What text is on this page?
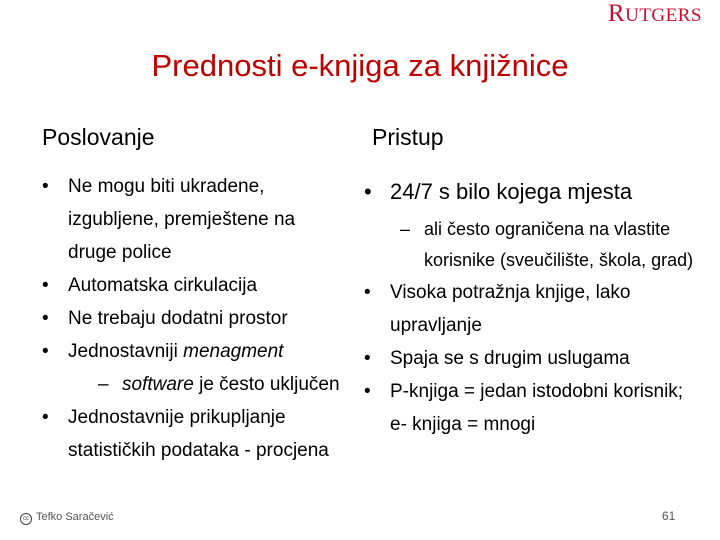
RUTGERS
Prednosti e-knjiga za knjižnice
Poslovanje	Pristup
• Ne mogu biti ukradene, izgubljene, premještene na druge police
• Automatska cirkulacija
• Ne trebaju dodatni prostor
• Jednostavniji menagment
– software je često uključen
• Jednostavnije prikupljanje statističkih podataka - procjena
• 24/7 s bilo kojega mjesta
– ali često ograničena na vlastite korisnike (sveučilište, škola, grad)
• Visoka potražnja knjige, lako upravljanje
• Spaja se s drugim uslugama
• P-knjiga = jedan istodobni korisnik; e- knjiga = mnogi
cc Tefko Saračević	61
